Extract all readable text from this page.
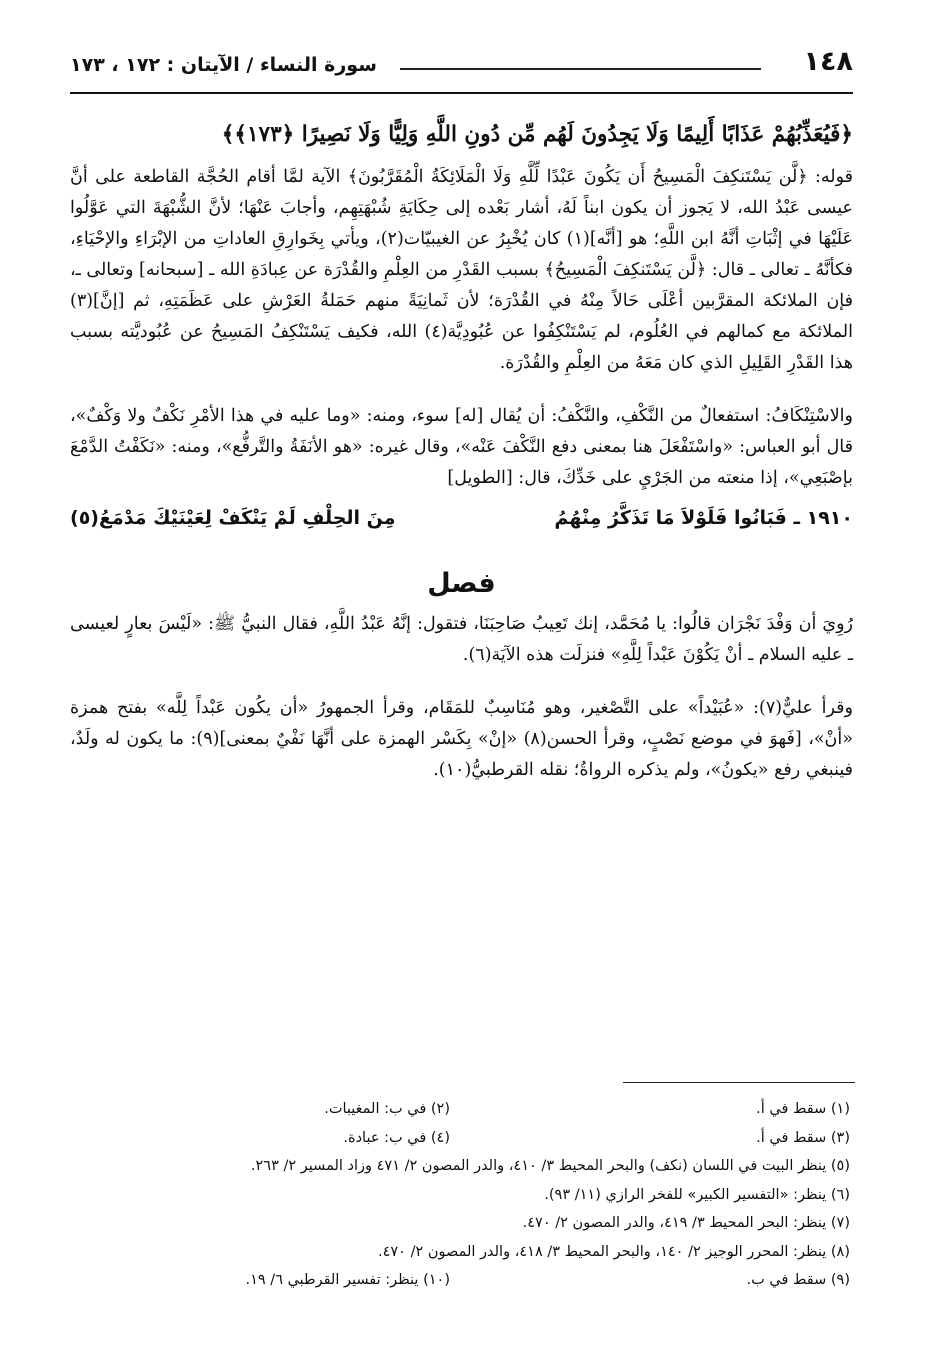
١٤٨
سورة النساء / الآيتان : ١٧٢ ، ١٧٣

﴿فَيُعَذِّبُهُمْ عَذَابًا أَلِيمًا وَلَا يَجِدُونَ لَهُم مِّن دُونِ اللَّهِ وَلِيًّا وَلَا نَصِيرًا ﴿١٧٣﴾﴾

قوله: ﴿لَّن يَسْتَنكِفَ الْمَسِيحُ أَن يَكُونَ عَبْدًا لِّلَّهِ وَلَا الْمَلَائِكَةُ الْمُقَرَّبُونَ﴾ الآية لمَّا أقام الحُجَّة القاطعة على أنَّ عيسى عَبْدُ الله، لا يَجوز أن يكون ابناً لَهُ، أشار بَعْده إلى حِكَايَةِ شُبْهَتِهِم، وأجابَ عَنْهَا؛ لأنَّ الشُّبْهَةَ التي عَوَّلُوا عَلَيْهَا في إثْبَاتِ أنَّهُ ابن اللَّهِ؛ هو [أنَّه](١) كان يُخْبِرُ عن الغيبيّات(٢)، ويأتي بِخَوارِقِ العاداتِ من الإبْرَاءِ والإحْيَاءِ، فكأنَّهُ ـ تعالى ـ قال: ﴿لَّن يَسْتَنكِفَ الْمَسِيحُ﴾ بسبب القَدْرِ من العِلْمِ والقُدْرَة عن عِبادَةِ الله ـ [سبحانه] وتعالى ـ، فإن الملائكة المقرَّبين أعْلَى حَالاً مِنْهُ في القُدْرَة؛ لأن ثَمانِيَةً منهم حَمَلةُ العَرْشِ على عَظَمَتِهِ، ثم [إنَّ](٣) الملائكة مع كمالهم في العُلُوم، لم يَسْتَنْكِفُوا عن عُبُودِيَّة(٤) الله، فكيف يَسْتَنْكِفُ المَسِيحُ عن عُبُوديَّته بسبب هذا القَدْرِ القَلِيلِ الذي كان مَعَهُ من العِلْمِ والقُدْرَة.

والاسْتِنْكَافُ: استفعالٌ من النَّكْفِ، والنَّكْفُ: أن يُقال [له] سوء، ومنه: «وما عليه في هذا الأمْرِ نَكْفٌ ولا وَكْفٌ»، قال أبو العباس: «واسْتَفْعَلَ هنا بمعنى دفع النَّكْفَ عَنْه»، وقال غيره: «هو الأنَفَةُ والتَّرفُّع»، ومنه: «نَكَفْتُ الدَّمْعَ بإصْبَعِي»، إذا منعته من الجَرْيِ على خَدِّكَ، قال: [الطويل]

١٩١٠ ـ فَبَانُوا فَلَوْلاَ مَا تَذَكَّرُ مِنْهُمُ
مِنَ الحِلْفِ لَمْ يَنْكَفْ لِعَيْنَيْكَ مَدْمَعُ(٥)
فصل

رُوِيَ أن وَفْدَ نَجْرَان قالُوا: يا مُحَمَّد، إنك تَعِيبُ صَاحِبَنَا، فتقول: إنَّهُ عَبْدُ اللَّهِ، فقال النبيُّ ﷺ: «لَيْسَ بعارٍ لعيسى ـ عليه السلام ـ أنْ يَكُوْنَ عَبْداً لِلَّهِ» فنزلَت هذه الآيَة(٦).

وقرأ عليٌّ(٧): «عُبَيْداً» على التَّصْغير، وهو مُنَاسِبٌ للمَقَام، وقرأ الجمهورُ «أن يكُون عَبْداً لِلَّه» بفتح همزة «أنْ»، [فَهوَ في موضع نَصْبٍ، وقرأ الحسن(٨) «إنْ» بِكَسْر الهمزة على أنَّهَا نَفْيٌ بمعنى](٩): ما يكون له ولَدٌ، فينبغي رفع «يكونُ»، ولم يذكره الرواةُ؛ نقله القرطبيُّ(١٠).

(١) سقط في أ.
(٢) في ب: المغيبات.
(٣) سقط في أ.
(٤) في ب: عبادة.
(٥) ينظر البيت في اللسان (نكف) والبحر المحيط ٣/ ٤١٠، والدر المصون ٢/ ٤٧١ وزاد المسير ٢/ ٢٦٣.
(٦) ينظر: «التفسير الكبير» للفخر الرازي (١١/ ٩٣).
(٧) ينظر: البحر المحيط ٣/ ٤١٩، والدر المصون ٢/ ٤٧٠.
(٨) ينظر: المحرر الوجيز ٢/ ١٤٠، والبحر المحيط ٣/ ٤١٨، والدر المصون ٢/ ٤٧٠.
(٩) سقط في ب.
(١٠) ينظر: تفسير القرطبي ٦/ ١٩.
